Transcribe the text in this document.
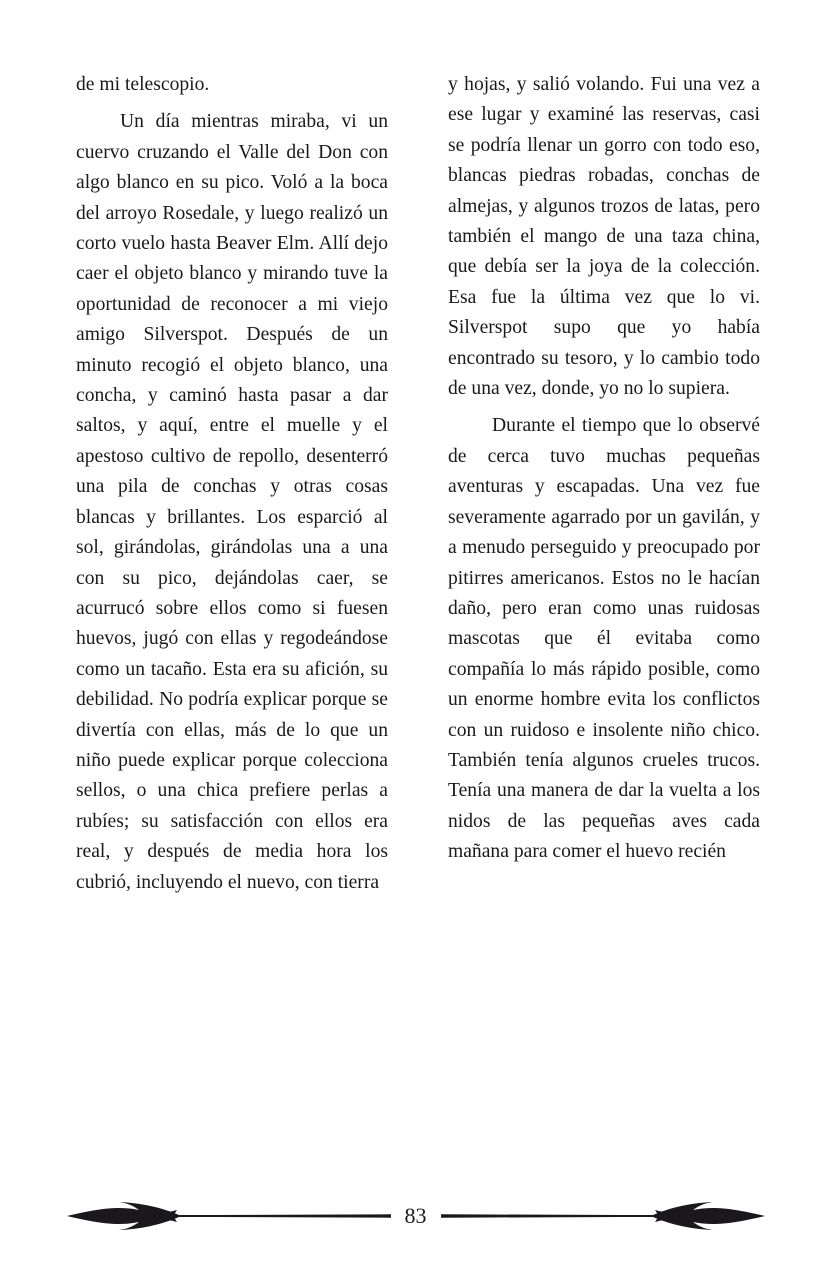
de mi telescopio.

Un día mientras miraba, vi un cuervo cruzando el Valle del Don con algo blanco en su pico. Voló a la boca del arroyo Rosedale, y luego realizó un corto vuelo hasta Beaver Elm. Allí dejo caer el objeto blanco y mirando tuve la oportunidad de reconocer a mi viejo amigo Silverspot. Después de un minuto recogió el objeto blanco, una concha, y caminó hasta pasar a dar saltos, y aquí, entre el muelle y el apestoso cultivo de repollo, desenterró una pila de conchas y otras cosas blancas y brillantes. Los esparció al sol, girándolas, girándolas una a una con su pico, dejándolas caer, se acurrucó sobre ellos como si fuesen huevos, jugó con ellas y regodeándose como un tacaño. Esta era su afición, su debilidad. No podría explicar porque se divertía con ellas, más de lo que un niño puede explicar porque colecciona sellos, o una chica prefiere perlas a rubíes; su satisfacción con ellos era real, y después de media hora los cubrió, incluyendo el nuevo, con tierra

y hojas, y salió volando. Fui una vez a ese lugar y examiné las reservas, casi se podría llenar un gorro con todo eso, blancas piedras robadas, conchas de almejas, y algunos trozos de latas, pero también el mango de una taza china, que debía ser la joya de la colección. Esa fue la última vez que lo vi. Silverspot supo que yo había encontrado su tesoro, y lo cambio todo de una vez, donde, yo no lo supiera.

Durante el tiempo que lo observé de cerca tuvo muchas pequeñas aventuras y escapadas. Una vez fue severamente agarrado por un gavilán, y a menudo perseguido y preocupado por pitirres americanos. Estos no le hacían daño, pero eran como unas ruidosas mascotas que él evitaba como compañía lo más rápido posible, como un enorme hombre evita los conflictos con un ruidoso e insolente niño chico. También tenía algunos crueles trucos. Tenía una manera de dar la vuelta a los nidos de las pequeñas aves cada mañana para comer el huevo recién

83
